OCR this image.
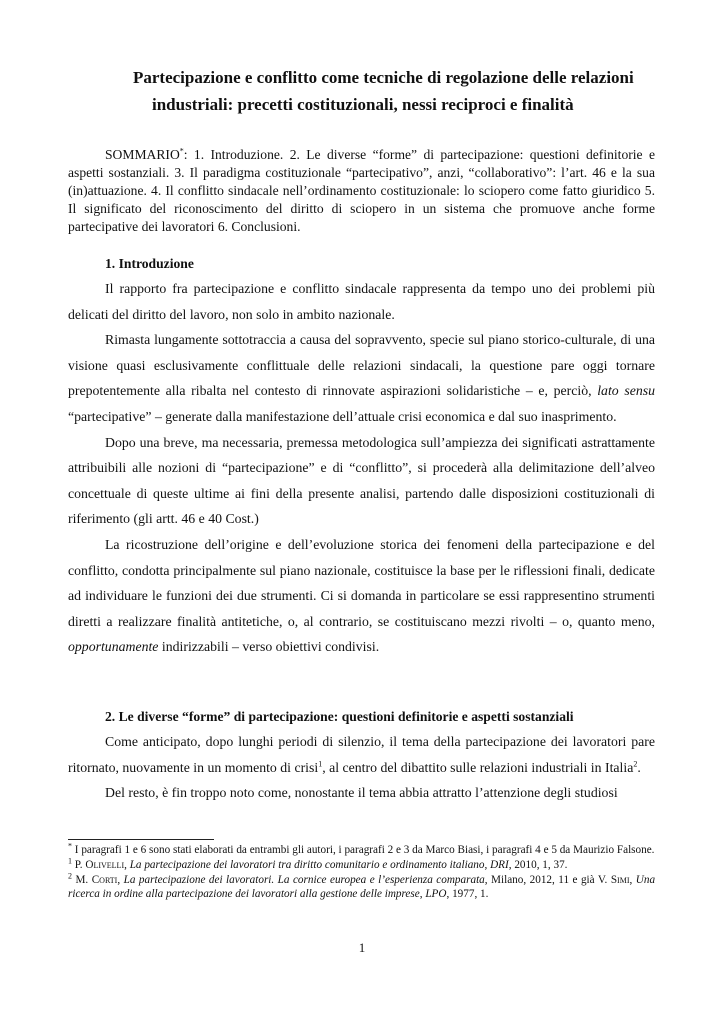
Partecipazione e conflitto come tecniche di regolazione delle relazioni
industriali: precetti costituzionali, nessi reciproci e finalità
SOMMARIO*: 1. Introduzione. 2. Le diverse “forme” di partecipazione: questioni definitorie e aspetti sostanziali. 3. Il paradigma costituzionale “partecipativo”, anzi, “collaborativo”: l’art. 46 e la sua (in)attuazione. 4. Il conflitto sindacale nell’ordinamento costituzionale: lo sciopero come fatto giuridico 5. Il significato del riconoscimento del diritto di sciopero in un sistema che promuove anche forme partecipative dei lavoratori 6. Conclusioni.
1. Introduzione

Il rapporto fra partecipazione e conflitto sindacale rappresenta da tempo uno dei problemi più delicati del diritto del lavoro, non solo in ambito nazionale.

Rimasta lungamente sottotraccia a causa del sopravvento, specie sul piano storico-culturale, di una visione quasi esclusivamente conflittuale delle relazioni sindacali, la questione pare oggi tornare prepotentemente alla ribalta nel contesto di rinnovate aspirazioni solidaristiche – e, perciò, lato sensu “partecipative” – generate dalla manifestazione dell’attuale crisi economica e dal suo inasprimento.

Dopo una breve, ma necessaria, premessa metodologica sull’ampiezza dei significati astrattamente attribuibili alle nozioni di “partecipazione” e di “conflitto”, si procederà alla delimitazione dell’alveo concettuale di queste ultime ai fini della presente analisi, partendo dalle disposizioni costituzionali di riferimento (gli artt. 46 e 40 Cost.)

La ricostruzione dell’origine e dell’evoluzione storica dei fenomeni della partecipazione e del conflitto, condotta principalmente sul piano nazionale, costituisce la base per le riflessioni finali, dedicate ad individuare le funzioni dei due strumenti. Ci si domanda in particolare se essi rappresentino strumenti diretti a realizzare finalità antitetiche, o, al contrario, se costituiscano mezzi rivolti – o, quanto meno, opportunamente indirizzabili – verso obiettivi condivisi.

2. Le diverse “forme” di partecipazione: questioni definitorie e aspetti sostanziali

Come anticipato, dopo lunghi periodi di silenzio, il tema della partecipazione dei lavoratori pare ritornato, nuovamente in un momento di crisi$^1$, al centro del dibattito sulle relazioni industriali in Italia$^2$.

Del resto, è fin troppo noto come, nonostante il tema abbia attratto l’attenzione degli studiosi

* I paragrafi 1 e 6 sono stati elaborati da entrambi gli autori, i paragrafi 2 e 3 da Marco Biasi, i paragrafi 4 e 5 da Maurizio Falsone.

$^1$ P. Olivelli, La partecipazione dei lavoratori tra diritto comunitario e ordinamento italiano, DRI, 2010, 1, 37.

$^2$ M. Corti, La partecipazione dei lavoratori. La cornice europea e l’esperienza comparata, Milano, 2012, 11 e già V. Simi, Una ricerca in ordine alla partecipazione dei lavoratori alla gestione delle imprese, LPO, 1977, 1.

1
